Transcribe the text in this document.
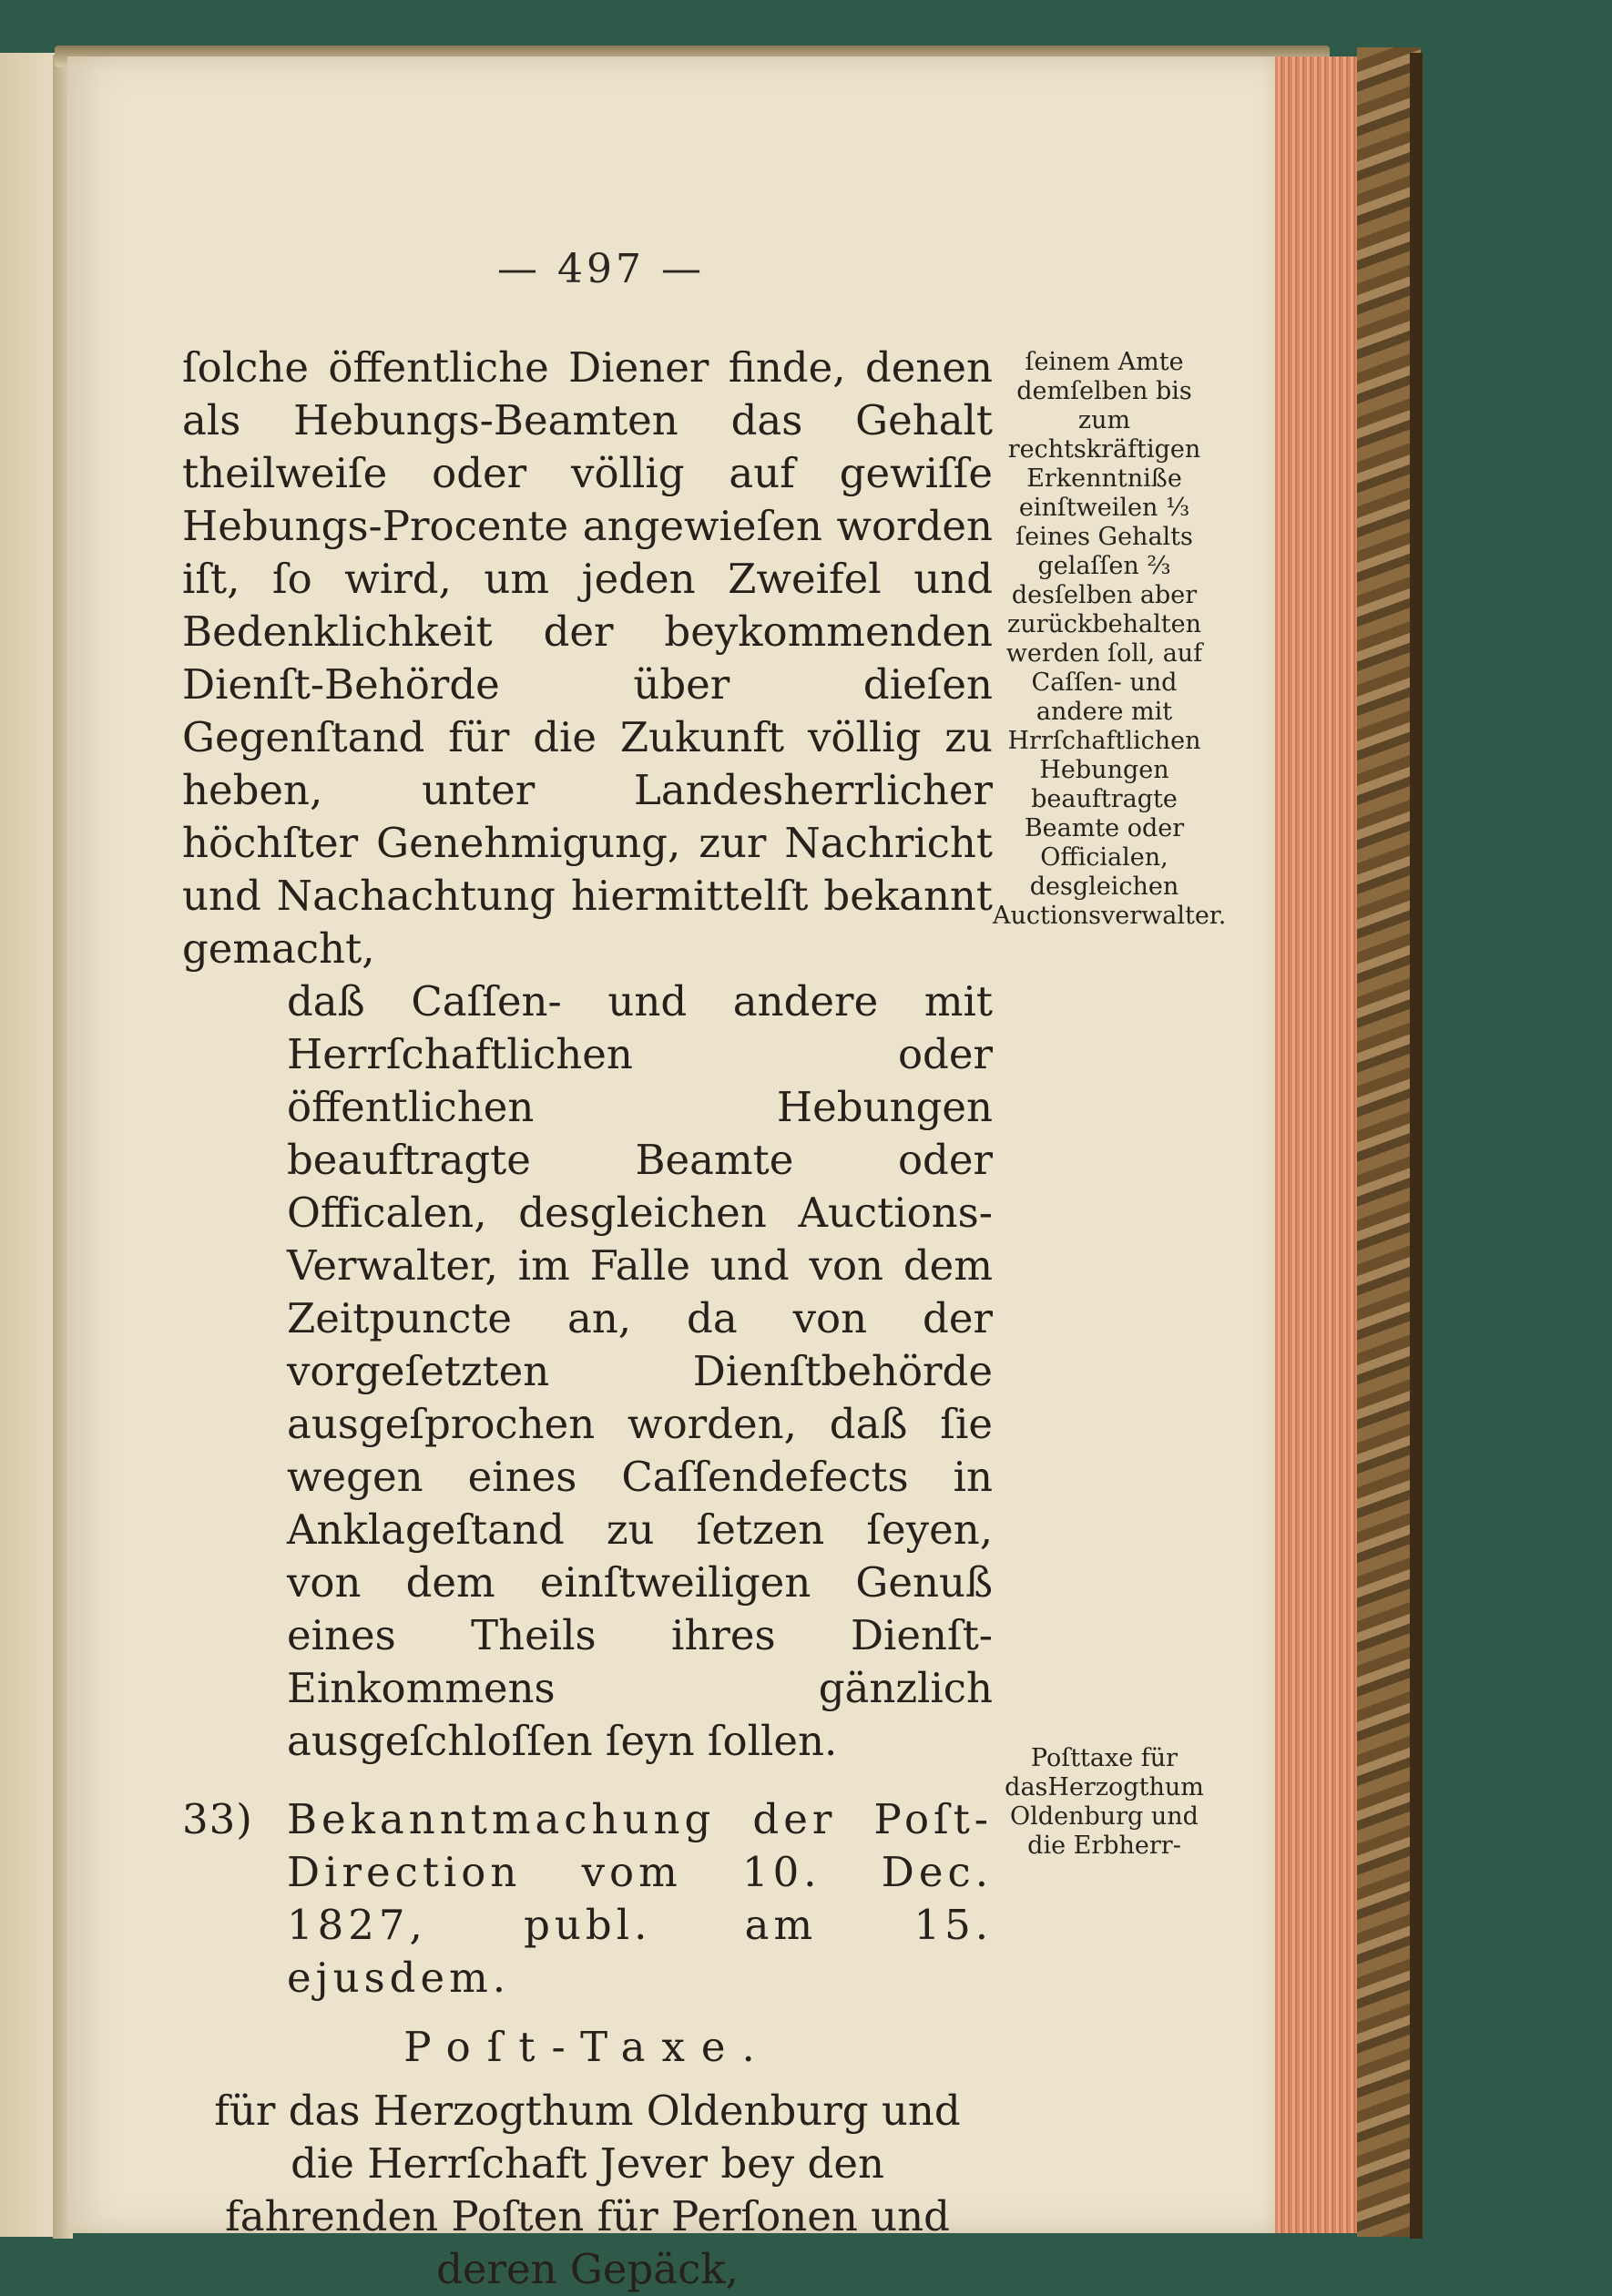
— 497 —

ſolche öffentliche Diener finde, denen als Hebungs-Beamten das Gehalt theilweiſe oder völlig auf gewiſſe Hebungs-Procente angewieſen worden iſt, ſo wird, um jeden Zweifel und Bedenklichkeit der beykommenden Dienſt-Behörde über dieſen Gegenſtand für die Zukunft völlig zu heben, unter Landesherrlicher höchſter Genehmigung, zur Nachricht und Nachachtung hiermittelſt bekannt gemacht,

daß Caſſen- und andere mit Herrſchaftlichen oder öffentlichen Hebungen beauftragte Beamte oder Officalen, desgleichen Auctions-Verwalter, im Falle und von dem Zeitpuncte an, da von der vorgeſetzten Dienſtbehörde ausgeſprochen worden, daß ſie wegen eines Caſſendefects in Anklageſtand zu ſetzen ſeyen, von dem einſtweiligen Genuß eines Theils ihres Dienſt-Einkommens gänzlich ausgeſchloſſen ſeyn ſollen.

33) Bekanntmachung der Poſt-Direction vom 10. Dec. 1827, publ. am 15. ejusdem.

Poſt-Taxe.

für das Herzogthum Oldenburg und die Herrſchaft Jever bey den fahrenden Poſten für Perſonen und deren Gepäck,

ſeinem Amte demſelben bis zum rechtskräftigen Erkenntniße einſtweilen ⅓ ſeines Gehalts gelaſſen ⅔ desſelben aber zurückbehalten werden ſoll, auf Caſſen- und andere mit Hrrſchaftlichen Hebungen beauftragte Beamte oder Officialen, desgleichen Auctionsverwalter.

Poſttaxe für dasHerzogthum Oldenburg und die Erbherr-
